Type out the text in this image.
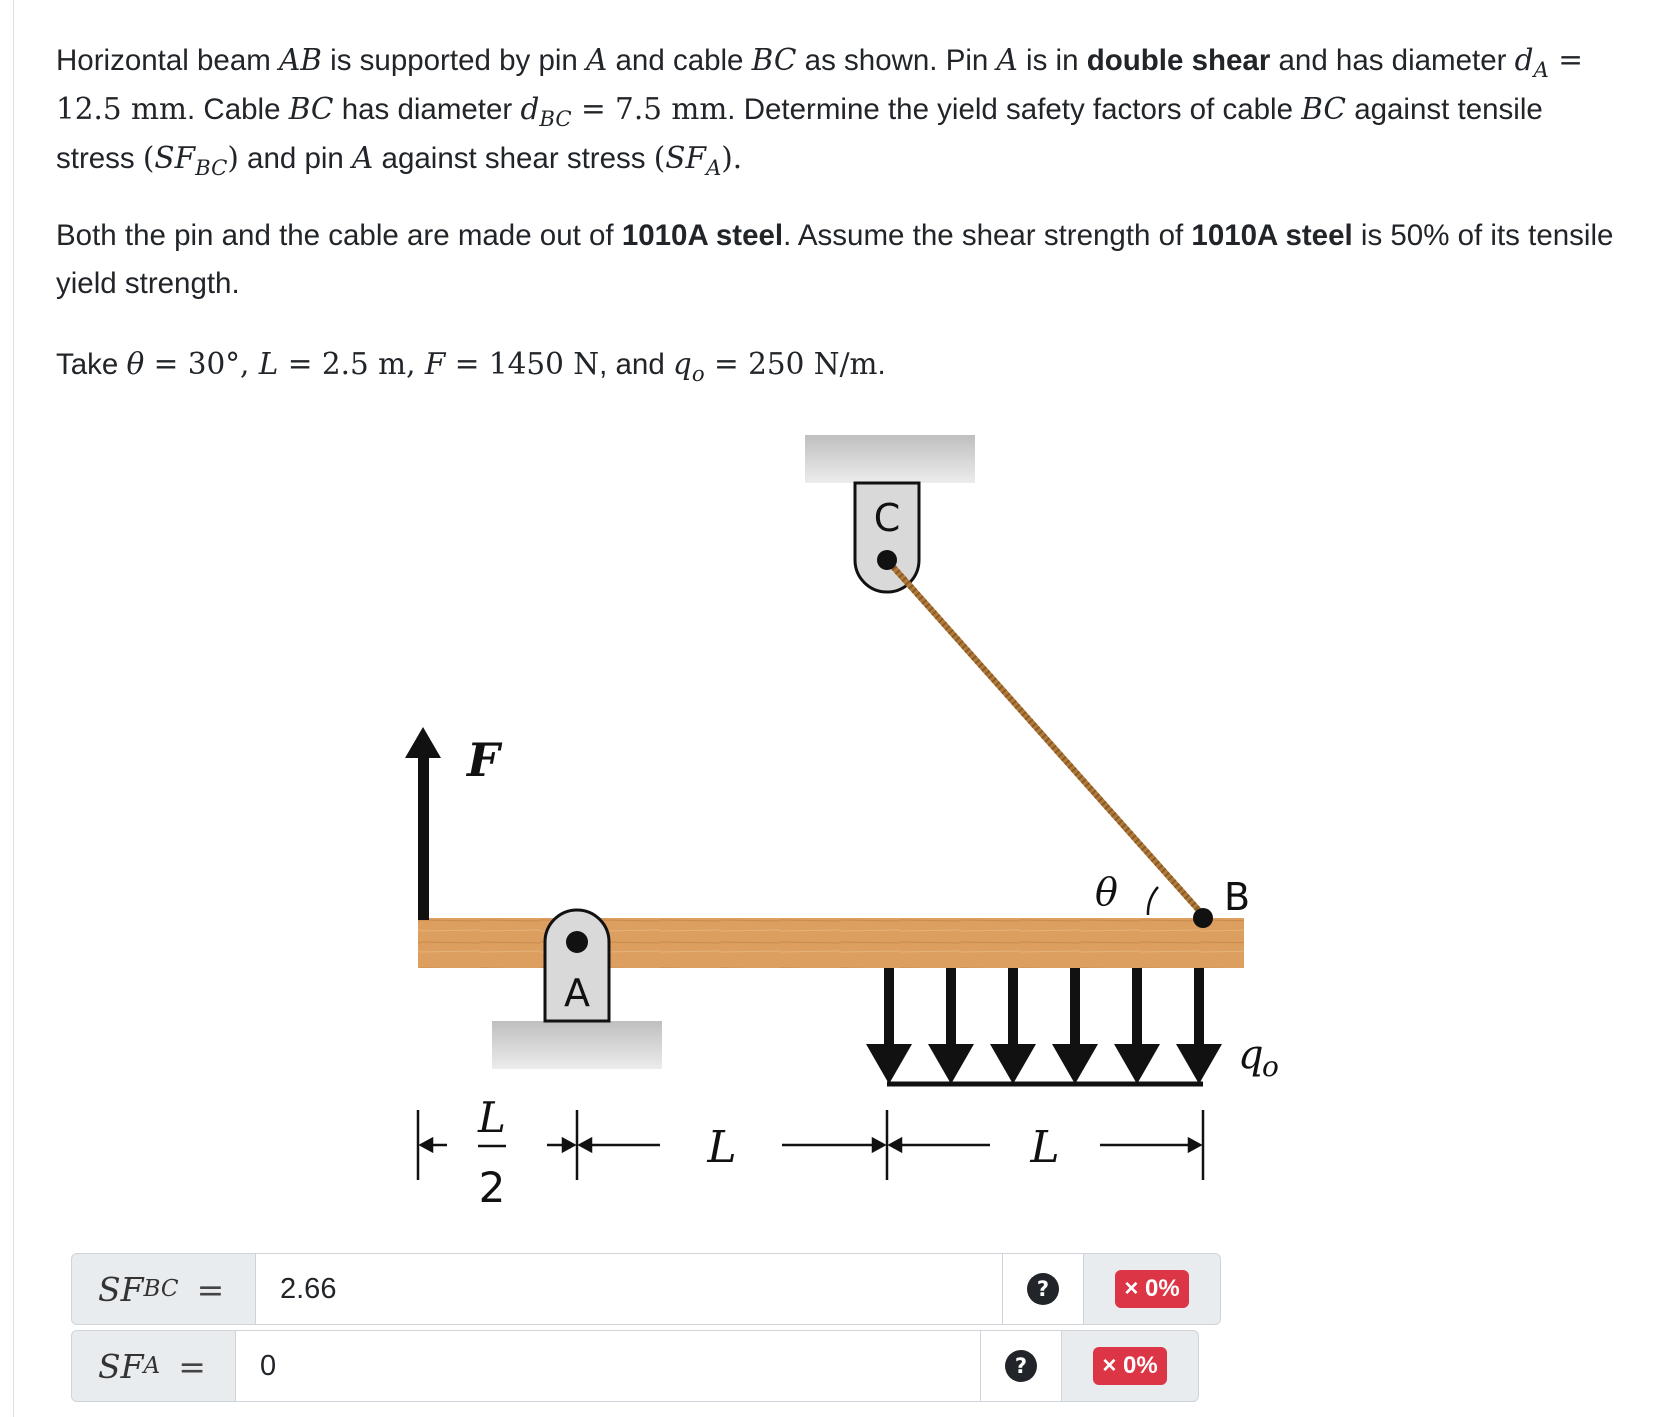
Horizontal beam AB is supported by pin A and cable BC as shown. Pin A is in double shear and has diameter $d_A = 12.5$ mm. Cable BC has diameter $d_{BC} = 7.5$ mm. Determine the yield safety factors of cable BC against tensile stress $(SF_{BC})$ and pin A against shear stress $(SF_A)$.
Both the pin and the cable are made out of 1010A steel. Assume the shear strength of 1010A steel is 50% of its tensile yield strength.
Take θ = 30°, L = 2.5 m, F = 1450 N, and $q_o = 250$ N/m.
C
B
θ
F
A
q
o
L
2
L	L
SF BC =
2.66	?	× 0%
SF A =
0	?	× 0%
